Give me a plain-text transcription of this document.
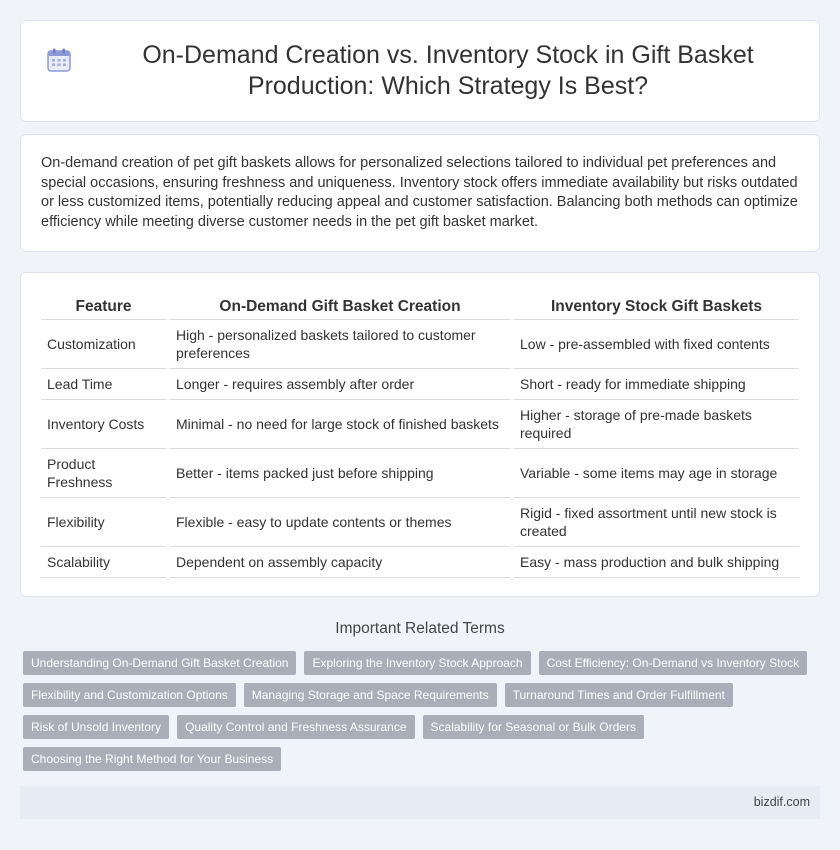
On-Demand Creation vs. Inventory Stock in Gift Basket Production: Which Strategy Is Best?

On-demand creation of pet gift baskets allows for personalized selections tailored to individual pet preferences and special occasions, ensuring freshness and uniqueness. Inventory stock offers immediate availability but risks outdated or less customized items, potentially reducing appeal and customer satisfaction. Balancing both methods can optimize efficiency while meeting diverse customer needs in the pet gift basket market.

Feature	On-Demand Gift Basket Creation	Inventory Stock Gift Baskets
Customization	High - personalized baskets tailored to customer preferences	Low - pre-assembled with fixed contents
Lead Time	Longer - requires assembly after order	Short - ready for immediate shipping
Inventory Costs	Minimal - no need for large stock of finished baskets	Higher - storage of pre-made baskets required
Product Freshness	Better - items packed just before shipping	Variable - some items may age in storage
Flexibility	Flexible - easy to update contents or themes	Rigid - fixed assortment until new stock is created
Scalability	Dependent on assembly capacity	Easy - mass production and bulk shipping
Important Related Terms
Understanding On-Demand Gift Basket Creation	Exploring the Inventory Stock Approach	Cost Efficiency: On-Demand vs Inventory Stock
Flexibility and Customization Options	Managing Storage and Space Requirements	Turnaround Times and Order Fulfillment
Risk of Unsold Inventory	Quality Control and Freshness Assurance	Scalability for Seasonal or Bulk Orders
Choosing the Right Method for Your Business
bizdif.com
